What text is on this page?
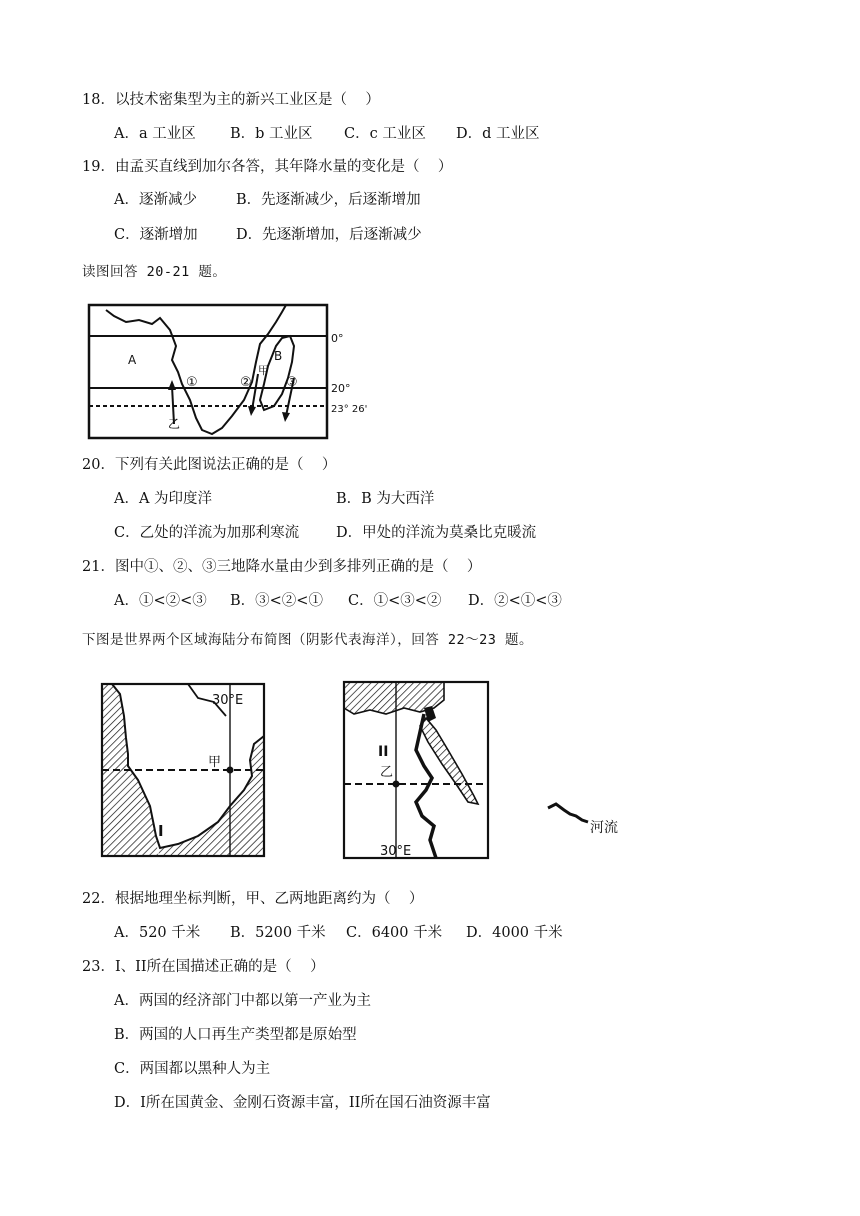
18．以技术密集型为主的新兴工业区是（    ）
A．a 工业区 B．b 工业区 C．c 工业区 D．d 工业区
19．由孟买直线到加尔各答，其年降水量的变化是（    ）
A．逐渐减少	B．先逐渐减少，后逐渐增加
C．逐渐增加	D．先逐渐增加，后逐渐减少
读图回答 20-21 题。
A	B
①	②	③
甲
乙
0°
20°
23° 26'
20．下列有关此图说法正确的是（    ）
A．A 为印度洋	B．B 为大西洋
C．乙处的洋流为加那利寒流	D．甲处的洋流为莫桑比克暖流
21．图中①、②、③三地降水量由少到多排列正确的是（    ）
A．①<②<③ B．③<②<① C．①<③<② D．②<①<③
下图是世界两个区域海陆分布简图（阴影代表海洋），回答 22～23 题。
30°E
甲
I
II
乙
30°E
河流
22．根据地理坐标判断，甲、乙两地距离约为（    ）
A．520 千米 B．5200 千米 C．6400 千米 D．4000 千米
23．I、II所在国描述正确的是（    ）
A．两国的经济部门中都以第一产业为主
B．两国的人口再生产类型都是原始型
C．两国都以黑种人为主
D．I所在国黄金、金刚石资源丰富，II所在国石油资源丰富
